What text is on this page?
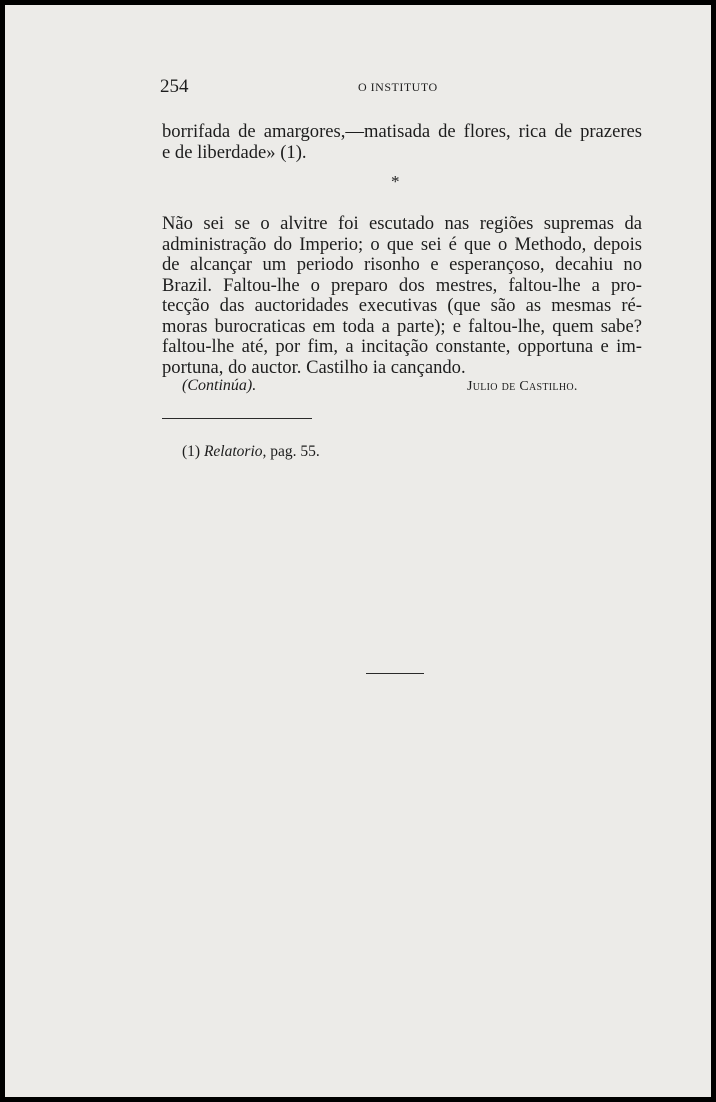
254	O INSTITUTO
borrifada de amargores,—matisada de flores, rica de prazeres
e de liberdade» (1).
*
Não sei se o alvitre foi escutado nas regiões supremas da
administração do Imperio; o que sei é que o Methodo, depois
de alcançar um periodo risonho e esperançoso, decahiu no
Brazil. Faltou-lhe o preparo dos mestres, faltou-lhe a pro-
tecção das auctoridades executivas (que são as mesmas ré-
moras burocraticas em toda a parte); e faltou-lhe, quem sabe?
faltou-lhe até, por fim, a incitação constante, opportuna e im-
portuna, do auctor. Castilho ia cançando.
(Continúa).	Julio de Castilho.
(1) Relatorio, pag. 55.
